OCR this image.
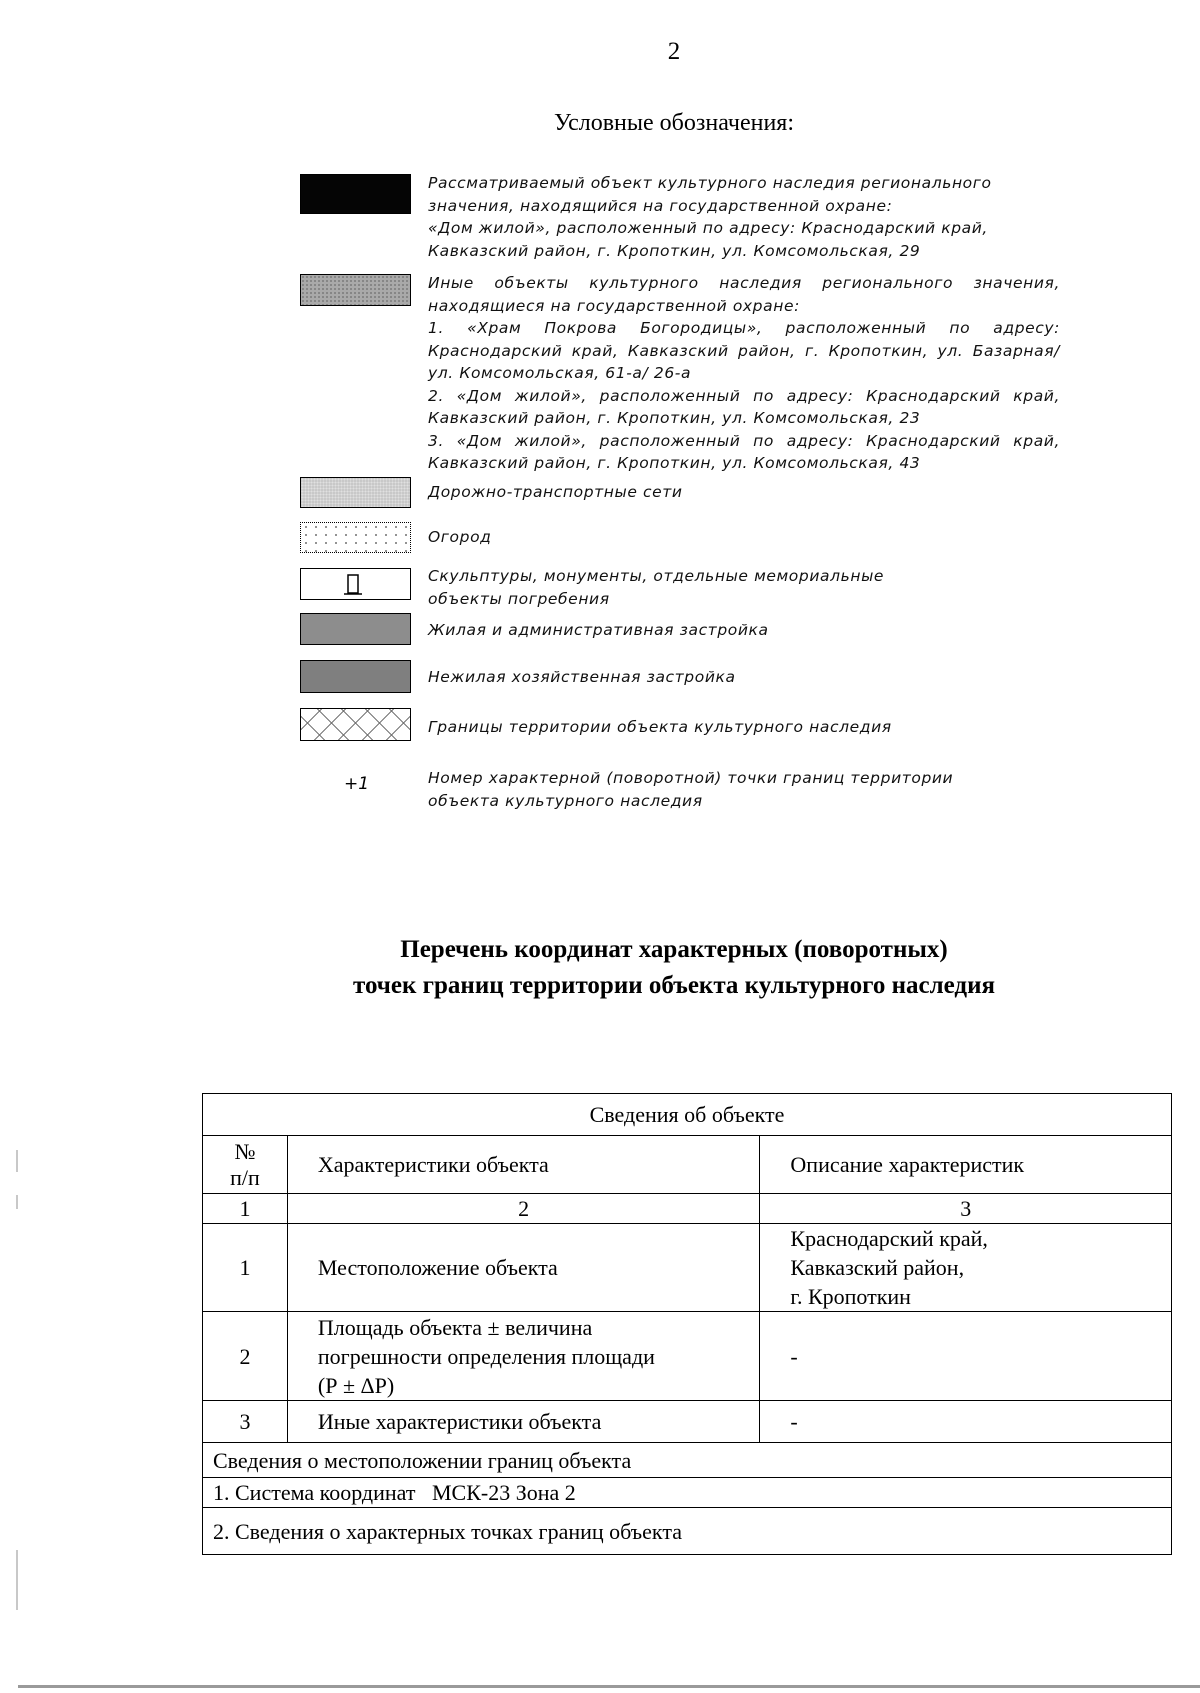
2
Условные обозначения:
Рассматриваемый объект культурного наследия регионального
значения, находящийся на государственной охране:
«Дом жилой», расположенный по адресу: Краснодарский край,
Кавказский район, г. Кропоткин, ул. Комсомольская, 29
Иные объекты культурного наследия регионального значения, находящиеся на государственной охране:
1. «Храм Покрова Богородицы», расположенный по адресу: Краснодарский край, Кавказский район, г. Кропоткин, ул. Базарная/ ул. Комсомольская, 61-а/ 26-а
2. «Дом жилой», расположенный по адресу: Краснодарский край, Кавказский район, г. Кропоткин, ул. Комсомольская, 23
3. «Дом жилой», расположенный по адресу: Краснодарский край, Кавказский район, г. Кропоткин, ул. Комсомольская, 43
Дорожно-транспортные сети
Огород
Скульптуры, монументы, отдельные мемориальные
объекты погребения
Жилая и административная застройка
Нежилая хозяйственная застройка
Границы территории объекта культурного наследия
+1	Номер характерной (поворотной) точки границ территории
объекта культурного наследия
Перечень координат характерных (поворотных)
точек границ территории объекта культурного наследия
Сведения об объекте		
№
п/п	Характеристики объекта	Описание характеристик
1	2	3
1	Местоположение объекта	Краснодарский край,
Кавказский район,
г. Кропоткин
2	Площадь объекта ± величина
погрешности определения площади
(Р ± ΔР)	-
3	Иные характеристики объекта	-
Сведения о местоположении границ объекта		
1. Система координат   МСК-23 Зона 2		
2. Сведения о характерных точках границ объекта		
